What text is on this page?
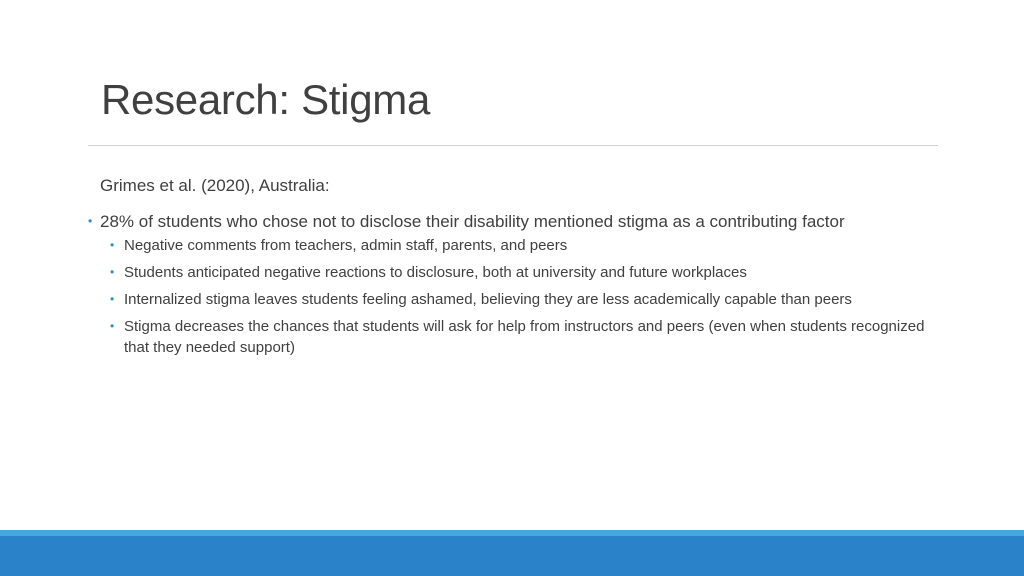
Research: Stigma

Grimes et al. (2020), Australia:

• 28% of students who chose not to disclose their disability mentioned stigma as a contributing factor
• Negative comments from teachers, admin staff, parents, and peers
• Students anticipated negative reactions to disclosure, both at university and future workplaces
• Internalized stigma leaves students feeling ashamed, believing they are less academically capable than peers
• Stigma decreases the chances that students will ask for help from instructors and peers (even when students recognized that they needed support)
